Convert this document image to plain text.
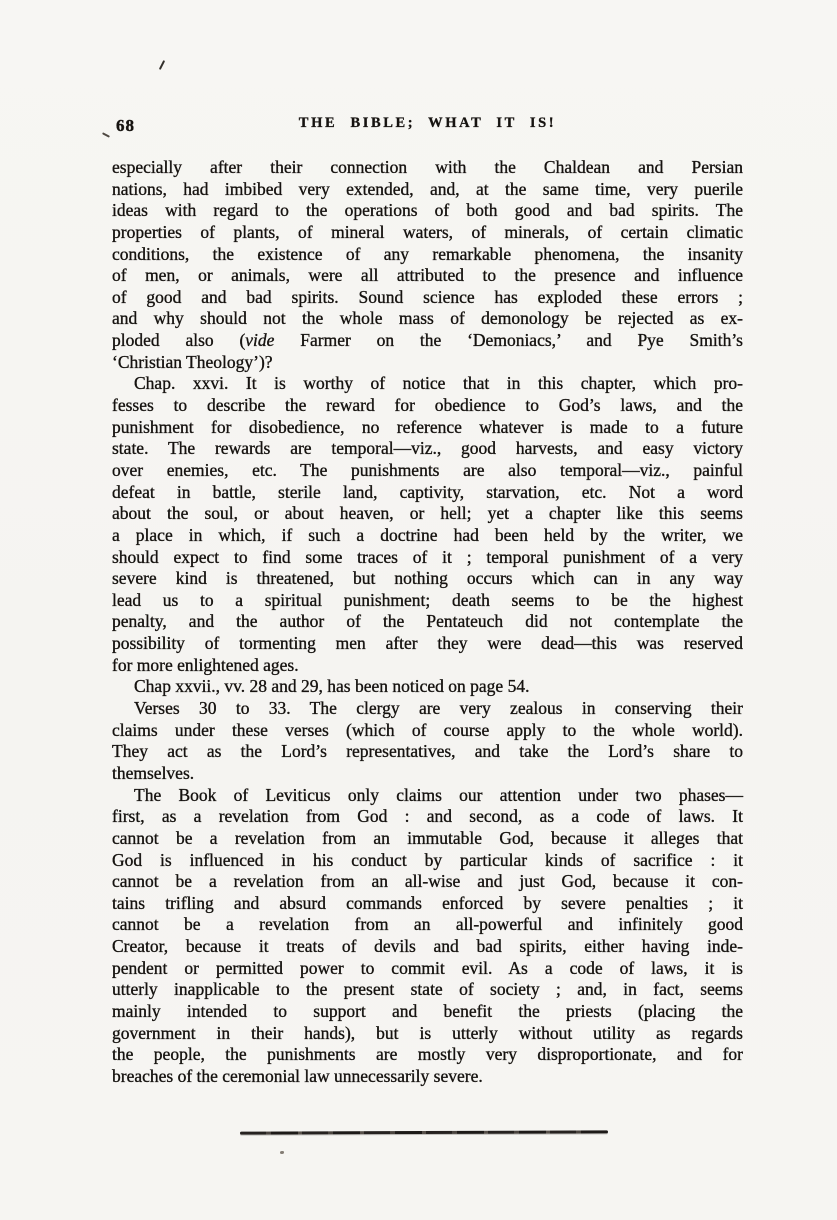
68	THE BIBLE; WHAT IT IS!
especially after their connection with the Chaldean and Persian
nations, had imbibed very extended, and, at the same time, very puerile
ideas with regard to the operations of both good and bad spirits. The
properties of plants, of mineral waters, of minerals, of certain climatic
conditions, the existence of any remarkable phenomena, the insanity
of men, or animals, were all attributed to the presence and influence
of good and bad spirits. Sound science has exploded these errors ;
and why should not the whole mass of demonology be rejected as ex-
ploded also (vide Farmer on the ‘Demoniacs,’ and Pye Smith’s
‘Christian Theology’)?
Chap. xxvi. It is worthy of notice that in this chapter, which pro-
fesses to describe the reward for obedience to God’s laws, and the
punishment for disobedience, no reference whatever is made to a future
state. The rewards are temporal—viz., good harvests, and easy victory
over enemies, etc. The punishments are also temporal—viz., painful
defeat in battle, sterile land, captivity, starvation, etc. Not a word
about the soul, or about heaven, or hell; yet a chapter like this seems
a place in which, if such a doctrine had been held by the writer, we
should expect to find some traces of it ; temporal punishment of a very
severe kind is threatened, but nothing occurs which can in any way
lead us to a spiritual punishment; death seems to be the highest
penalty, and the author of the Pentateuch did not contemplate the
possibility of tormenting men after they were dead—this was reserved
for more enlightened ages.
Chap xxvii., vv. 28 and 29, has been noticed on page 54.
Verses 30 to 33. The clergy are very zealous in conserving their
claims under these verses (which of course apply to the whole world).
They act as the Lord’s representatives, and take the Lord’s share to
themselves.
The Book of Leviticus only claims our attention under two phases—
first, as a revelation from God : and second, as a code of laws. It
cannot be a revelation from an immutable God, because it alleges that
God is influenced in his conduct by particular kinds of sacrifice : it
cannot be a revelation from an all-wise and just God, because it con-
tains trifling and absurd commands enforced by severe penalties ; it
cannot be a revelation from an all-powerful and infinitely good
Creator, because it treats of devils and bad spirits, either having inde-
pendent or permitted power to commit evil. As a code of laws, it is
utterly inapplicable to the present state of society ; and, in fact, seems
mainly intended to support and benefit the priests (placing the
government in their hands), but is utterly without utility as regards
the people, the punishments are mostly very disproportionate, and for
breaches of the ceremonial law unnecessarily severe.
